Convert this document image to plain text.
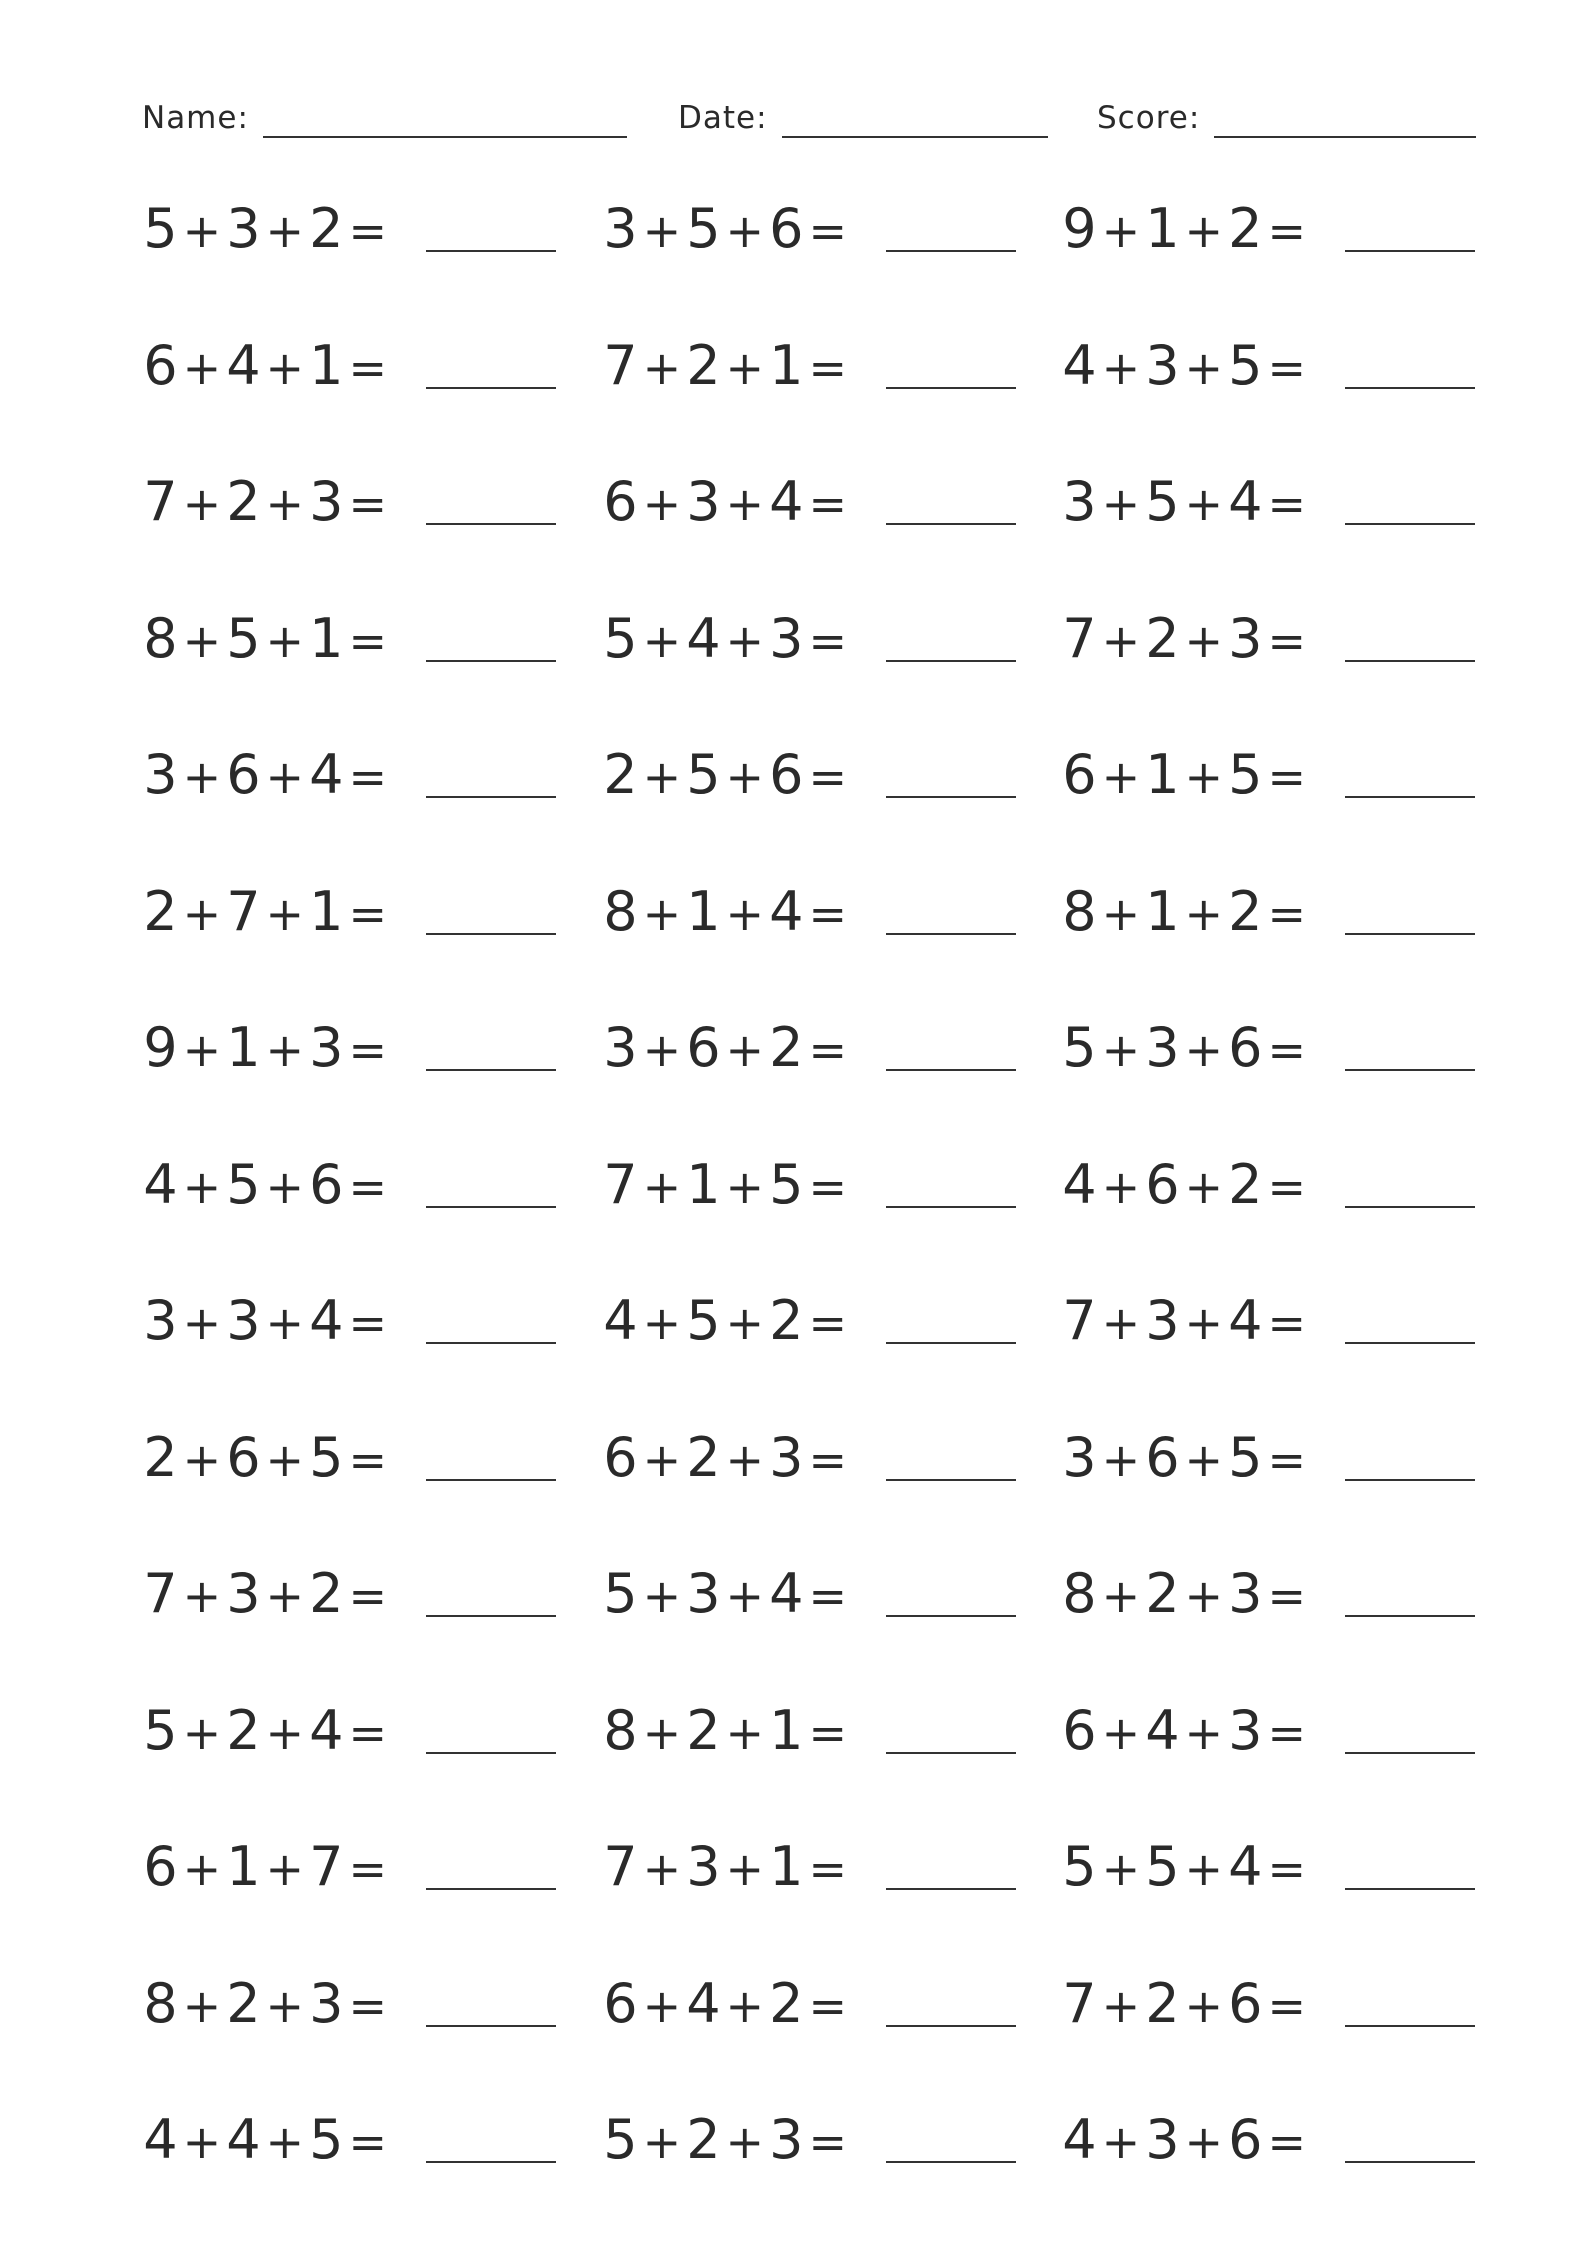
Name:	Date:	Score:
5+3+2=	3+5+6=	9+1+2=
6+4+1=	7+2+1=	4+3+5=
7+2+3=	6+3+4=	3+5+4=
8+5+1=	5+4+3=	7+2+3=
3+6+4=	2+5+6=	6+1+5=
2+7+1=	8+1+4=	8+1+2=
9+1+3=	3+6+2=	5+3+6=
4+5+6=	7+1+5=	4+6+2=
3+3+4=	4+5+2=	7+3+4=
2+6+5=	6+2+3=	3+6+5=
7+3+2=	5+3+4=	8+2+3=
5+2+4=	8+2+1=	6+4+3=
6+1+7=	7+3+1=	5+5+4=
8+2+3=	6+4+2=	7+2+6=
4+4+5=	5+2+3=	4+3+6=
